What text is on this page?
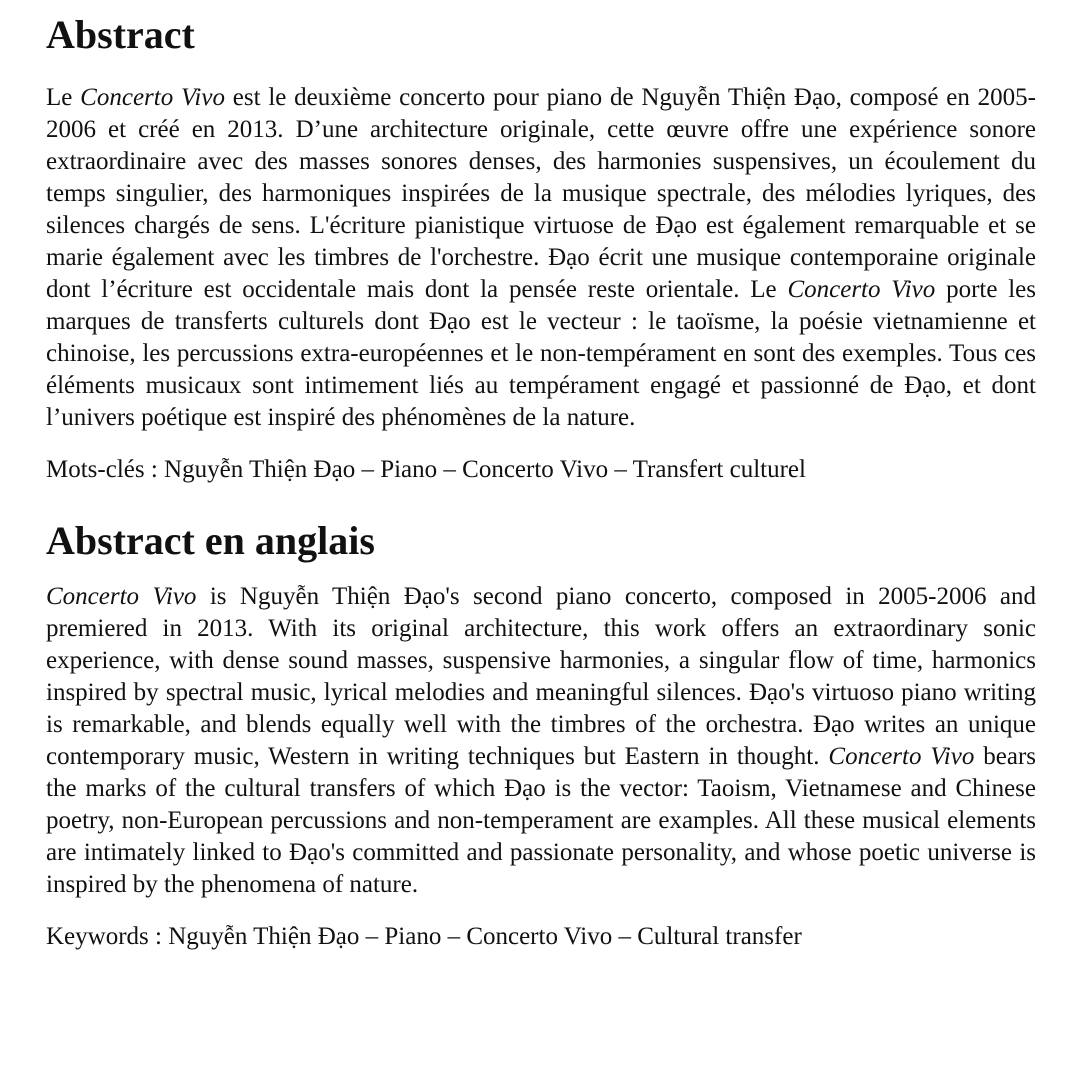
Abstract

Le Concerto Vivo est le deuxième concerto pour piano de Nguyễn Thiện Đạo, composé en 2005-2006 et créé en 2013. D’une architecture originale, cette œuvre offre une expérience sonore extraordinaire avec des masses sonores denses, des harmonies suspensives, un écoulement du temps singulier, des harmoniques inspirées de la musique spectrale, des mélodies lyriques, des silences chargés de sens. L'écriture pianistique virtuose de Đạo est également remarquable et se marie également avec les timbres de l'orchestre. Đạo écrit une musique contemporaine originale dont l’écriture est occidentale mais dont la pensée reste orientale. Le Concerto Vivo porte les marques de transferts culturels dont Đạo est le vecteur : le taoïsme, la poésie vietnamienne et chinoise, les percussions extra-européennes et le non-tempérament en sont des exemples. Tous ces éléments musicaux sont intimement liés au tempérament engagé et passionné de Đạo, et dont l’univers poétique est inspiré des phénomènes de la nature.

Mots-clés : Nguyễn Thiện Đạo – Piano – Concerto Vivo – Transfert culturel

Abstract en anglais

Concerto Vivo is Nguyễn Thiện Đạo's second piano concerto, composed in 2005-2006 and premiered in 2013. With its original architecture, this work offers an extraordinary sonic experience, with dense sound masses, suspensive harmonies, a singular flow of time, harmonics inspired by spectral music, lyrical melodies and meaningful silences. Đạo's virtuoso piano writing is remarkable, and blends equally well with the timbres of the orchestra. Đạo writes an unique contemporary music, Western in writing techniques but Eastern in thought. Concerto Vivo bears the marks of the cultural transfers of which Đạo is the vector: Taoism, Vietnamese and Chinese poetry, non-European percussions and non-temperament are examples. All these musical elements are intimately linked to Đạo's committed and passionate personality, and whose poetic universe is inspired by the phenomena of nature.

Keywords : Nguyễn Thiện Đạo – Piano – Concerto Vivo – Cultural transfer
